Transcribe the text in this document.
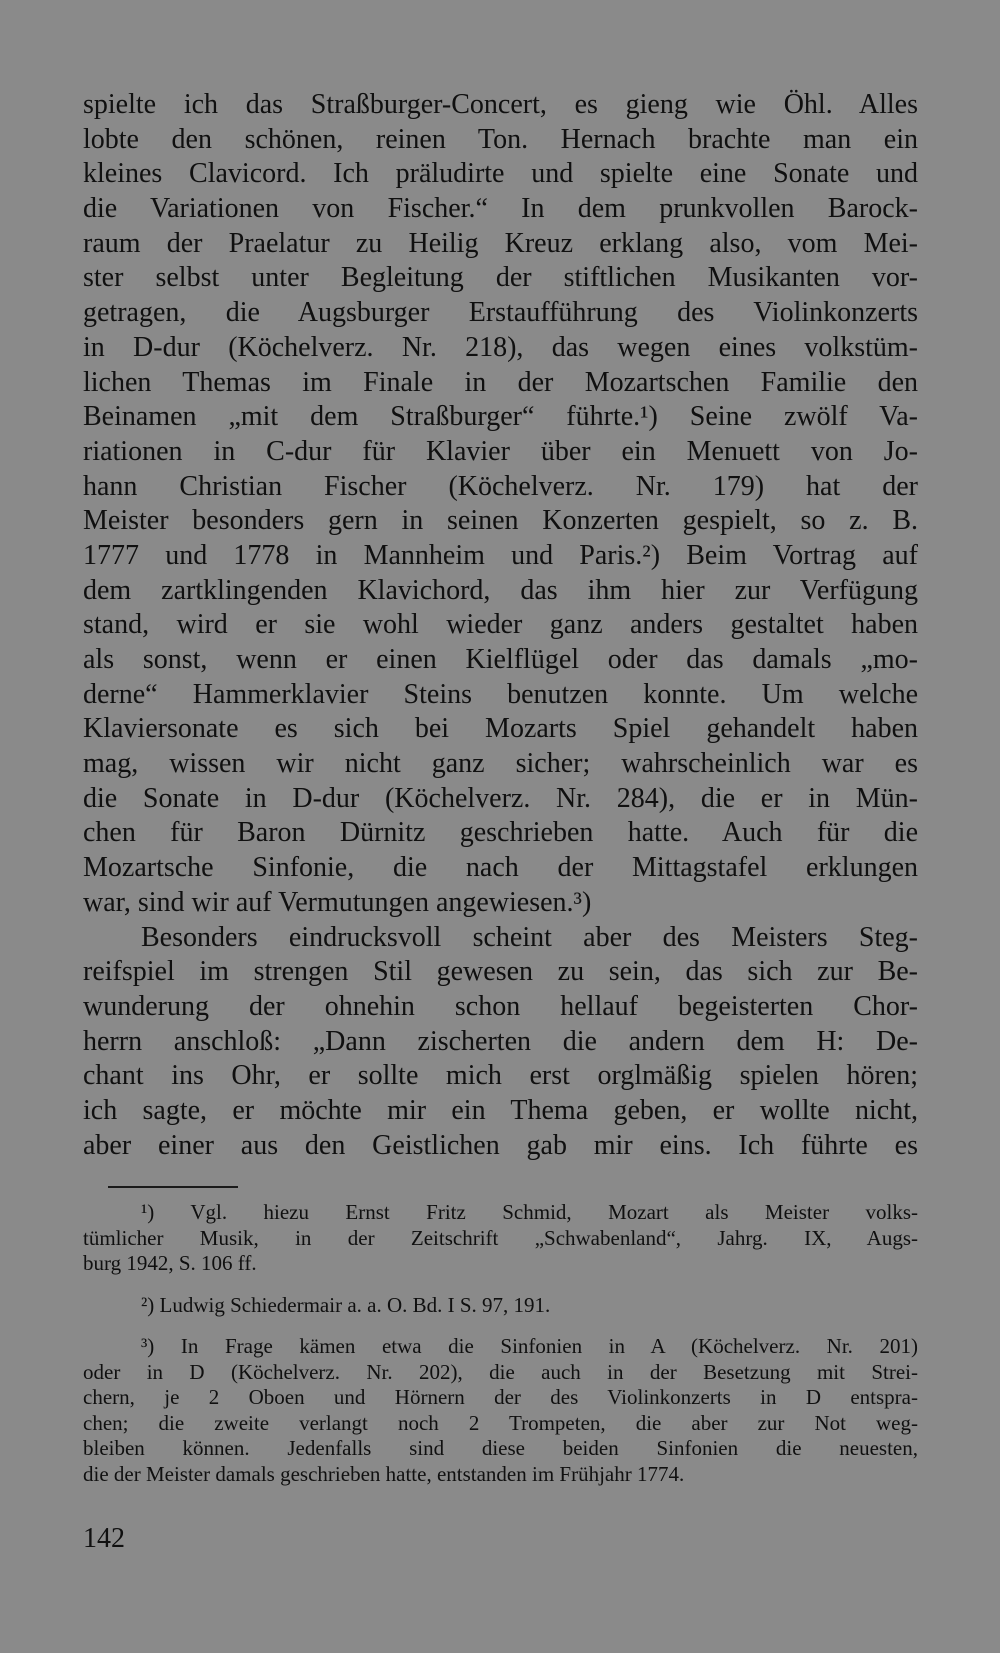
spielte ich das Straßburger-Concert, es gieng wie Öhl. Alles
lobte den schönen, reinen Ton. Hernach brachte man ein
kleines Clavicord. Ich präludirte und spielte eine Sonate und
die Variationen von Fischer.“ In dem prunkvollen Barock-
raum der Praelatur zu Heilig Kreuz erklang also, vom Mei-
ster selbst unter Begleitung der stiftlichen Musikanten vor-
getragen, die Augsburger Erstaufführung des Violinkonzerts
in D-dur (Köchelverz. Nr. 218), das wegen eines volkstüm-
lichen Themas im Finale in der Mozartschen Familie den
Beinamen „mit dem Straßburger“ führte.¹) Seine zwölf Va-
riationen in C-dur für Klavier über ein Menuett von Jo-
hann Christian Fischer (Köchelverz. Nr. 179) hat der
Meister besonders gern in seinen Konzerten gespielt, so z. B.
1777 und 1778 in Mannheim und Paris.²) Beim Vortrag auf
dem zartklingenden Klavichord, das ihm hier zur Verfügung
stand, wird er sie wohl wieder ganz anders gestaltet haben
als sonst, wenn er einen Kielflügel oder das damals „mo-
derne“ Hammerklavier Steins benutzen konnte. Um welche
Klaviersonate es sich bei Mozarts Spiel gehandelt haben
mag, wissen wir nicht ganz sicher; wahrscheinlich war es
die Sonate in D-dur (Köchelverz. Nr. 284), die er in Mün-
chen für Baron Dürnitz geschrieben hatte. Auch für die
Mozartsche Sinfonie, die nach der Mittagstafel erklungen
war, sind wir auf Vermutungen angewiesen.³)
Besonders eindrucksvoll scheint aber des Meisters Steg-
reifspiel im strengen Stil gewesen zu sein, das sich zur Be-
wunderung der ohnehin schon hellauf begeisterten Chor-
herrn anschloß: „Dann zischerten die andern dem H: De-
chant ins Ohr, er sollte mich erst orglmäßig spielen hören;
ich sagte, er möchte mir ein Thema geben, er wollte nicht,
aber einer aus den Geistlichen gab mir eins. Ich führte es
¹) Vgl. hiezu Ernst Fritz Schmid, Mozart als Meister volks-
tümlicher Musik, in der Zeitschrift „Schwabenland“, Jahrg. IX, Augs-
burg 1942, S. 106 ff.
²) Ludwig Schiedermair a. a. O. Bd. I S. 97, 191.
³) In Frage kämen etwa die Sinfonien in A (Köchelverz. Nr. 201)
oder in D (Köchelverz. Nr. 202), die auch in der Besetzung mit Strei-
chern, je 2 Oboen und Hörnern der des Violinkonzerts in D entspra-
chen; die zweite verlangt noch 2 Trompeten, die aber zur Not weg-
bleiben können. Jedenfalls sind diese beiden Sinfonien die neuesten,
die der Meister damals geschrieben hatte, entstanden im Frühjahr 1774.
142
